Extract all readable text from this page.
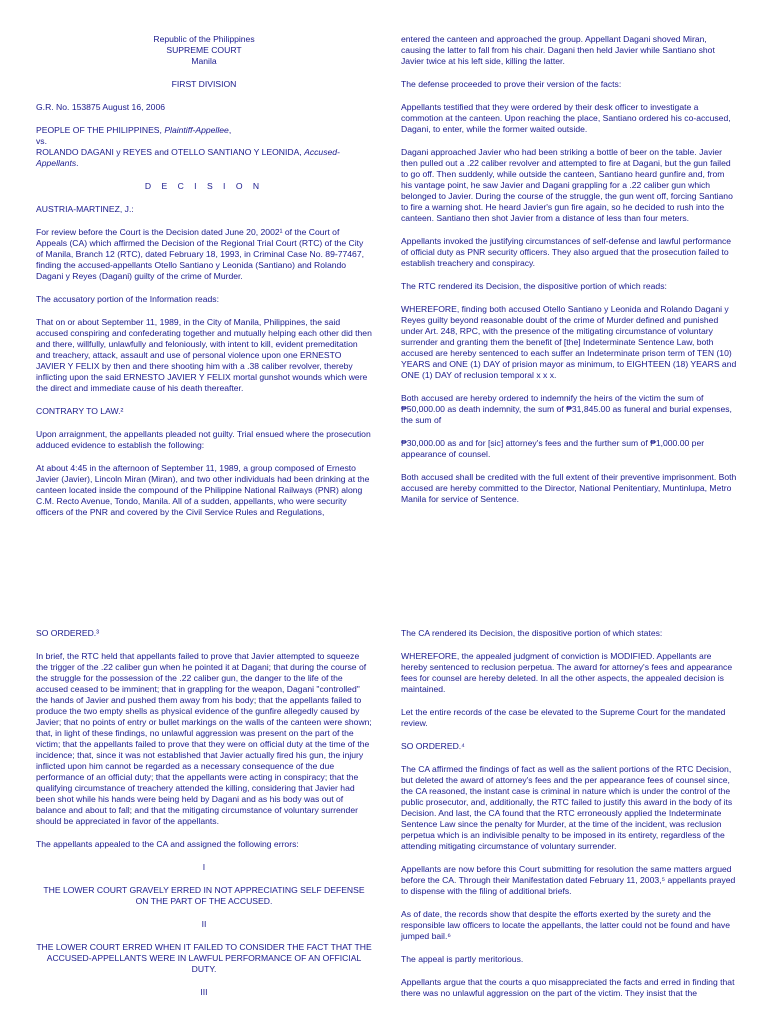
Republic of the Philippines

SUPREME COURT

Manila

FIRST DIVISION

G.R. No. 153875 August 16, 2006

PEOPLE OF THE PHILIPPINES, Plaintiff-Appellee,

vs.

ROLANDO DAGANI y REYES and OTELLO SANTIANO Y LEONIDA, Accused-Appellants.

D E C I S I O N

AUSTRIA-MARTINEZ, J.:

For review before the Court is the Decision dated June 20, 2002¹ of the Court of Appeals (CA) which affirmed the Decision of the Regional Trial Court (RTC) of the City of Manila, Branch 12 (RTC), dated February 18, 1993, in Criminal Case No. 89-77467, finding the accused-appellants Otello Santiano y Leonida (Santiano) and Rolando Dagani y Reyes (Dagani) guilty of the crime of Murder.

The accusatory portion of the Information reads:

That on or about September 11, 1989, in the City of Manila, Philippines, the said accused conspiring and confederating together and mutually helping each other did then and there, willfully, unlawfully and feloniously, with intent to kill, evident premeditation and treachery, attack, assault and use of personal violence upon one ERNESTO JAVIER Y FELIX by then and there shooting him with a .38 caliber revolver, thereby inflicting upon the said ERNESTO JAVIER Y FELIX mortal gunshot wounds which were the direct and immediate cause of his death thereafter.

CONTRARY TO LAW.²

Upon arraignment, the appellants pleaded not guilty. Trial ensued where the prosecution adduced evidence to establish the following:

At about 4:45 in the afternoon of September 11, 1989, a group composed of Ernesto Javier (Javier), Lincoln Miran (Miran), and two other individuals had been drinking at the canteen located inside the compound of the Philippine National Railways (PNR) along C.M. Recto Avenue, Tondo, Manila. All of a sudden, appellants, who were security officers of the PNR and covered by the Civil Service Rules and Regulations,

entered the canteen and approached the group. Appellant Dagani shoved Miran, causing the latter to fall from his chair. Dagani then held Javier while Santiano shot Javier twice at his left side, killing the latter.

The defense proceeded to prove their version of the facts:

Appellants testified that they were ordered by their desk officer to investigate a commotion at the canteen. Upon reaching the place, Santiano ordered his co-accused, Dagani, to enter, while the former waited outside.

Dagani approached Javier who had been striking a bottle of beer on the table. Javier then pulled out a .22 caliber revolver and attempted to fire at Dagani, but the gun failed to go off. Then suddenly, while outside the canteen, Santiano heard gunfire and, from his vantage point, he saw Javier and Dagani grappling for a .22 caliber gun which belonged to Javier. During the course of the struggle, the gun went off, forcing Santiano to fire a warning shot. He heard Javier's gun fire again, so he decided to rush into the canteen. Santiano then shot Javier from a distance of less than four meters.

Appellants invoked the justifying circumstances of self-defense and lawful performance of official duty as PNR security officers. They also argued that the prosecution failed to establish treachery and conspiracy.

The RTC rendered its Decision, the dispositive portion of which reads:

WHEREFORE, finding both accused Otello Santiano y Leonida and Rolando Dagani y Reyes guilty beyond reasonable doubt of the crime of Murder defined and punished under Art. 248, RPC, with the presence of the mitigating circumstance of voluntary surrender and granting them the benefit of [the] Indeterminate Sentence Law, both accused are hereby sentenced to each suffer an Indeterminate prison term of TEN (10) YEARS and ONE (1) DAY of prision mayor as minimum, to EIGHTEEN (18) YEARS and ONE (1) DAY of reclusion temporal x x x.

Both accused are hereby ordered to indemnify the heirs of the victim the sum of ₱50,000.00 as death indemnity, the sum of ₱31,845.00 as funeral and burial expenses, the sum of

₱30,000.00 as and for [sic] attorney's fees and the further sum of ₱1,000.00 per appearance of counsel.

Both accused shall be credited with the full extent of their preventive imprisonment. Both accused are hereby committed to the Director, National Penitentiary, Muntinlupa, Metro Manila for service of Sentence.

SO ORDERED.³

In brief, the RTC held that appellants failed to prove that Javier attempted to squeeze the trigger of the .22 caliber gun when he pointed it at Dagani; that during the course of the struggle for the possession of the .22 caliber gun, the danger to the life of the accused ceased to be imminent; that in grappling for the weapon, Dagani "controlled" the hands of Javier and pushed them away from his body; that the appellants failed to produce the two empty shells as physical evidence of the gunfire allegedly caused by Javier; that no points of entry or bullet markings on the walls of the canteen were shown; that, in light of these findings, no unlawful aggression was present on the part of the victim; that the appellants failed to prove that they were on official duty at the time of the incidence; that, since it was not established that Javier actually fired his gun, the injury inflicted upon him cannot be regarded as a necessary consequence of the due performance of an official duty; that the appellants were acting in conspiracy; that the qualifying circumstance of treachery attended the killing, considering that Javier had been shot while his hands were being held by Dagani and as his body was out of balance and about to fall; and that the mitigating circumstance of voluntary surrender should be appreciated in favor of the appellants.

The appellants appealed to the CA and assigned the following errors:

I

THE LOWER COURT GRAVELY ERRED IN NOT APPRECIATING SELF DEFENSE ON THE PART OF THE ACCUSED.

II

THE LOWER COURT ERRED WHEN IT FAILED TO CONSIDER THE FACT THAT THE ACCUSED-APPELLANTS WERE IN LAWFUL PERFORMANCE OF AN OFFICIAL DUTY.

III

The CA rendered its Decision, the dispositive portion of which states:

WHEREFORE, the appealed judgment of conviction is MODIFIED. Appellants are hereby sentenced to reclusion perpetua. The award for attorney's fees and appearance fees for counsel are hereby deleted. In all the other aspects, the appealed decision is maintained.

Let the entire records of the case be elevated to the Supreme Court for the mandated review.

SO ORDERED.⁴

The CA affirmed the findings of fact as well as the salient portions of the RTC Decision, but deleted the award of attorney's fees and the per appearance fees of counsel since, the CA reasoned, the instant case is criminal in nature which is under the control of the public prosecutor, and, additionally, the RTC failed to justify this award in the body of its Decision. And last, the CA found that the RTC erroneously applied the Indeterminate Sentence Law since the penalty for Murder, at the time of the incident, was reclusion perpetua which is an indivisible penalty to be imposed in its entirety, regardless of the attending mitigating circumstance of voluntary surrender.

Appellants are now before this Court submitting for resolution the same matters argued before the CA. Through their Manifestation dated February 11, 2003,⁵ appellants prayed to dispense with the filing of additional briefs.

As of date, the records show that despite the efforts exerted by the surety and the responsible law officers to locate the appellants, the latter could not be found and have jumped bail.⁶

The appeal is partly meritorious.

Appellants argue that the courts a quo misappreciated the facts and erred in finding that there was no unlawful aggression on the part of the victim. They insist that the
